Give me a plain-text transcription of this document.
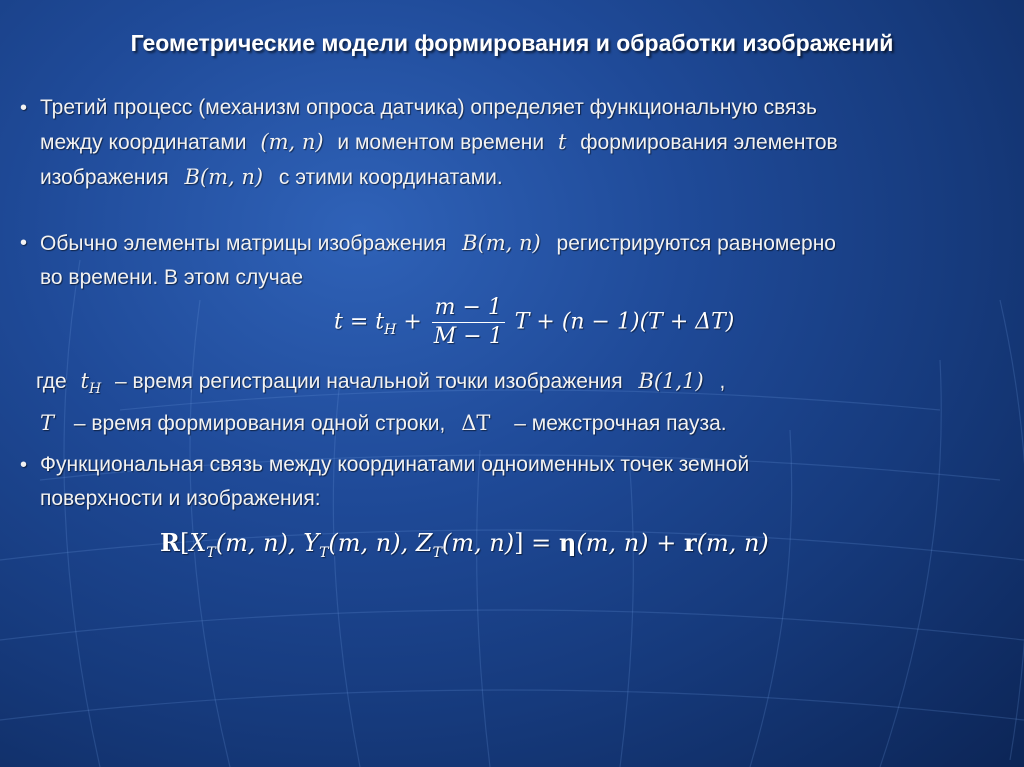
Геометрические модели формирования и обработки изображений
• Третий процесс (механизм опроса датчика) определяет функциональную связь
между координатами (m, n) и моментом времени t формирования элементов
изображения B(m, n) с этими координатами.
• Обычно элементы матрицы изображения B(m, n) регистрируются равномерно
во времени. В этом случае
$t = t_H + \frac{m - 1}{M - 1}$ T + (n − 1)(T + ΔT)
где $t_H$ – время регистрации начальной точки изображения B(1,1) ,
T – время формирования одной строки, ΔT – межстрочная пауза.
• Функциональная связь между координатами одноименных точек земной
поверхности и изображения:
$R[X_T(m$, n), $Y_T(m$, n), $Z_T(m$, n)] = η(m, n) + r(m, n)
